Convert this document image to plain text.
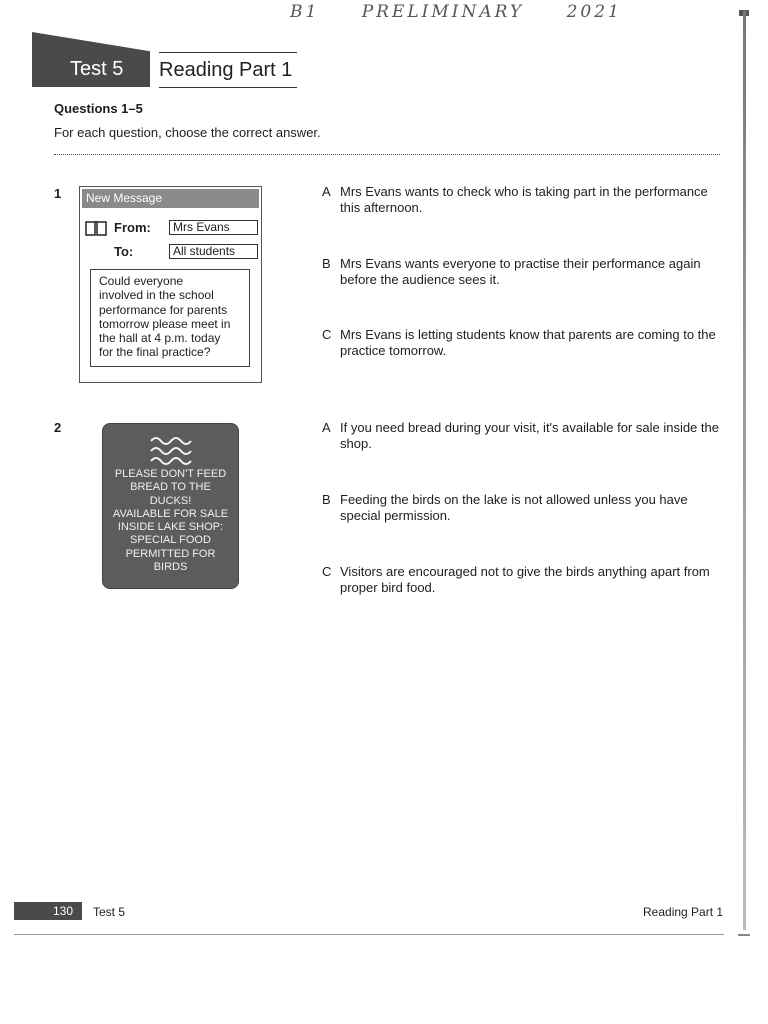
B1 PRELIMINARY 2021
Test 5 Reading Part 1
Questions 1–5
For each question, choose the correct answer.
1	New Message
From:	Mrs Evans
To:	All students
Could everyone
involved in the school
performance for parents
tomorrow please meet in
the hall at 4 p.m. today
for the final practice?
A Mrs Evans wants to check who is taking part in the performance this afternoon.
B Mrs Evans wants everyone to practise their performance again before the audience sees it.
C Mrs Evans is letting students know that parents are coming to the practice tomorrow.
2
PLEASE DON'T FEED
BREAD TO THE
DUCKS!
AVAILABLE FOR SALE
INSIDE LAKE SHOP:
SPECIAL FOOD
PERMITTED FOR
BIRDS
A If you need bread during your visit, it's available for sale inside the shop.
B Feeding the birds on the lake is not allowed unless you have special permission.
C Visitors are encouraged not to give the birds anything apart from proper bird food.
130 Test 5	Reading Part 1
